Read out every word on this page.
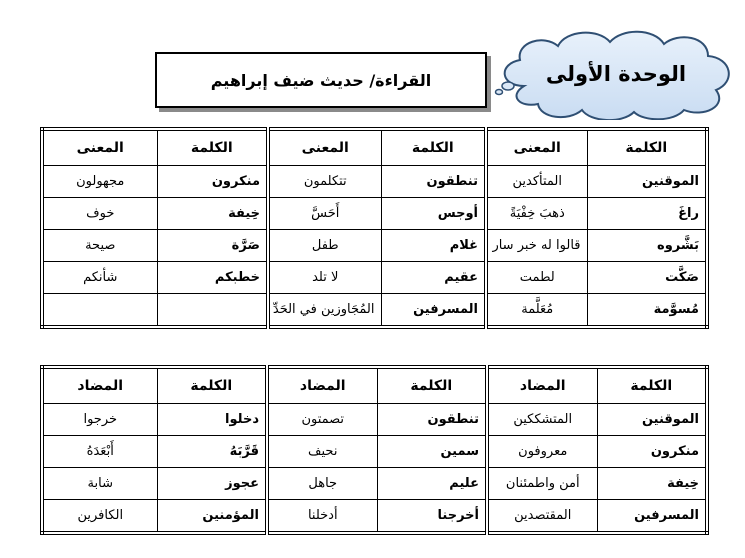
الوحدة الأولى
القراءة/ حديث ضيف إبراهيم
الكلمة	المعنى	الكلمة	المعنى	الكلمة	المعنى
الموقنين	المتأكدين	تنطقون	تتكلمون	منكرون	مجهولون
راغَ	ذهبَ خِفْيَةً	أوجس	أَحَسَّ	خِيفة	خوف
بَشَّروه	قالوا له خبر سار	غلام	طفل	صَرَّة	صيحة
صَكَّت	لطمت	عقيم	لا تلد	خطبكم	شأنكم
مُسوَّمة	مُعَلَّمة	المسرفين	المُجَاوزين في الحَدِّ		
الكلمة	المضاد	الكلمة	المضاد	الكلمة	المضاد
الموقنين	المتشككين	تنطقون	تصمتون	دخلوا	خرجوا
منكرون	معروفون	سمين	نحيف	قَرَّبَهُ	أَبْعَدَهُ
خِيفة	أمن واطمئنان	عليم	جاهل	عجوز	شابة
المسرفين	المقتصدين	أخرجنا	أدخلنا	المؤمنين	الكافرين
